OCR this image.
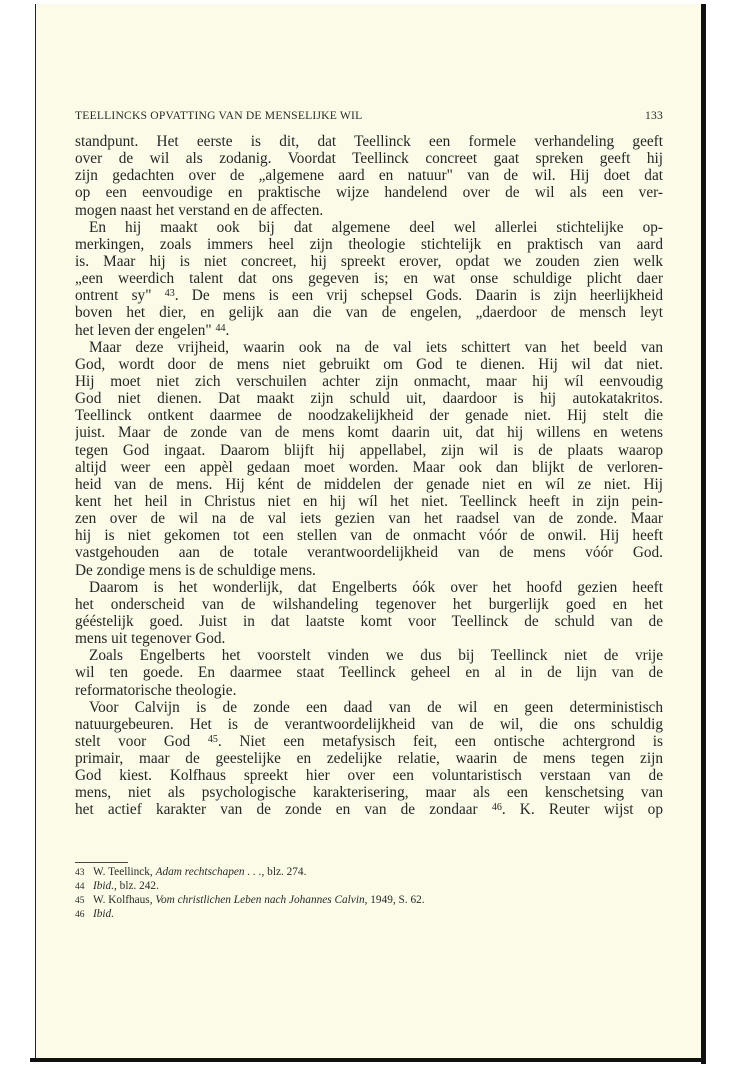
TEELLINCKS OPVATTING VAN DE MENSELIJKE WIL	133
standpunt. Het eerste is dit, dat Teellinck een formele verhandeling geeft
over de wil als zodanig. Voordat Teellinck concreet gaat spreken geeft hij
zijn gedachten over de „algemene aard en natuur" van de wil. Hij doet dat
op een eenvoudige en praktische wijze handelend over de wil als een ver-
mogen naast het verstand en de affecten.
En hij maakt ook bij dat algemene deel wel allerlei stichtelijke op-
merkingen, zoals immers heel zijn theologie stichtelijk en praktisch van aard
is. Maar hij is niet concreet, hij spreekt erover, opdat we zouden zien welk
„een weerdich talent dat ons gegeven is; en wat onse schuldige plicht daer
ontrent sy" $^{43}$. De mens is een vrij schepsel Gods. Daarin is zijn heerlijkheid
boven het dier, en gelijk aan die van de engelen, „daerdoor de mensch leyt
het leven der engelen" $^{44}$.
Maar deze vrijheid, waarin ook na de val iets schittert van het beeld van
God, wordt door de mens niet gebruikt om God te dienen. Hij wil dat niet.
Hij moet niet zich verschuilen achter zijn onmacht, maar hij wíl eenvoudig
God niet dienen. Dat maakt zijn schuld uit, daardoor is hij autokatakritos.
Teellinck ontkent daarmee de noodzakelijkheid der genade niet. Hij stelt die
juist. Maar de zonde van de mens komt daarin uit, dat hij willens en wetens
tegen God ingaat. Daarom blijft hij appellabel, zijn wil is de plaats waarop
altijd weer een appèl gedaan moet worden. Maar ook dan blijkt de verloren-
heid van de mens. Hij ként de middelen der genade niet en wíl ze niet. Hij
kent het heil in Christus niet en hij wíl het niet. Teellinck heeft in zijn pein-
zen over de wil na de val iets gezien van het raadsel van de zonde. Maar
hij is niet gekomen tot een stellen van de onmacht vóór de onwil. Hij heeft
vastgehouden aan de totale verantwoordelijkheid van de mens vóór God.
De zondige mens is de schuldige mens.
Daarom is het wonderlijk, dat Engelberts óók over het hoofd gezien heeft
het onderscheid van de wilshandeling tegenover het burgerlijk goed en het
gééstelijk goed. Juist in dat laatste komt voor Teellinck de schuld van de
mens uit tegenover God.
Zoals Engelberts het voorstelt vinden we dus bij Teellinck niet de vrije
wil ten goede. En daarmee staat Teellinck geheel en al in de lijn van de
reformatorische theologie.
Voor Calvijn is de zonde een daad van de wil en geen deterministisch
natuurgebeuren. Het is de verantwoordelijkheid van de wil, die ons schuldig
stelt voor God $^{45}$. Niet een metafysisch feit, een ontische achtergrond is
primair, maar de geestelijke en zedelijke relatie, waarin de mens tegen zijn
God kiest. Kolfhaus spreekt hier over een voluntaristisch verstaan van de
mens, niet als psychologische karakterisering, maar als een kenschetsing van
het actief karakter van de zonde en van de zondaar $^{46}$. K. Reuter wijst op
43 W. Teellinck, Adam rechtschapen . . ., blz. 274.
44 Ibid., blz. 242.
45 W. Kolfhaus, Vom christlichen Leben nach Johannes Calvin, 1949, S. 62.
46 Ibid.
